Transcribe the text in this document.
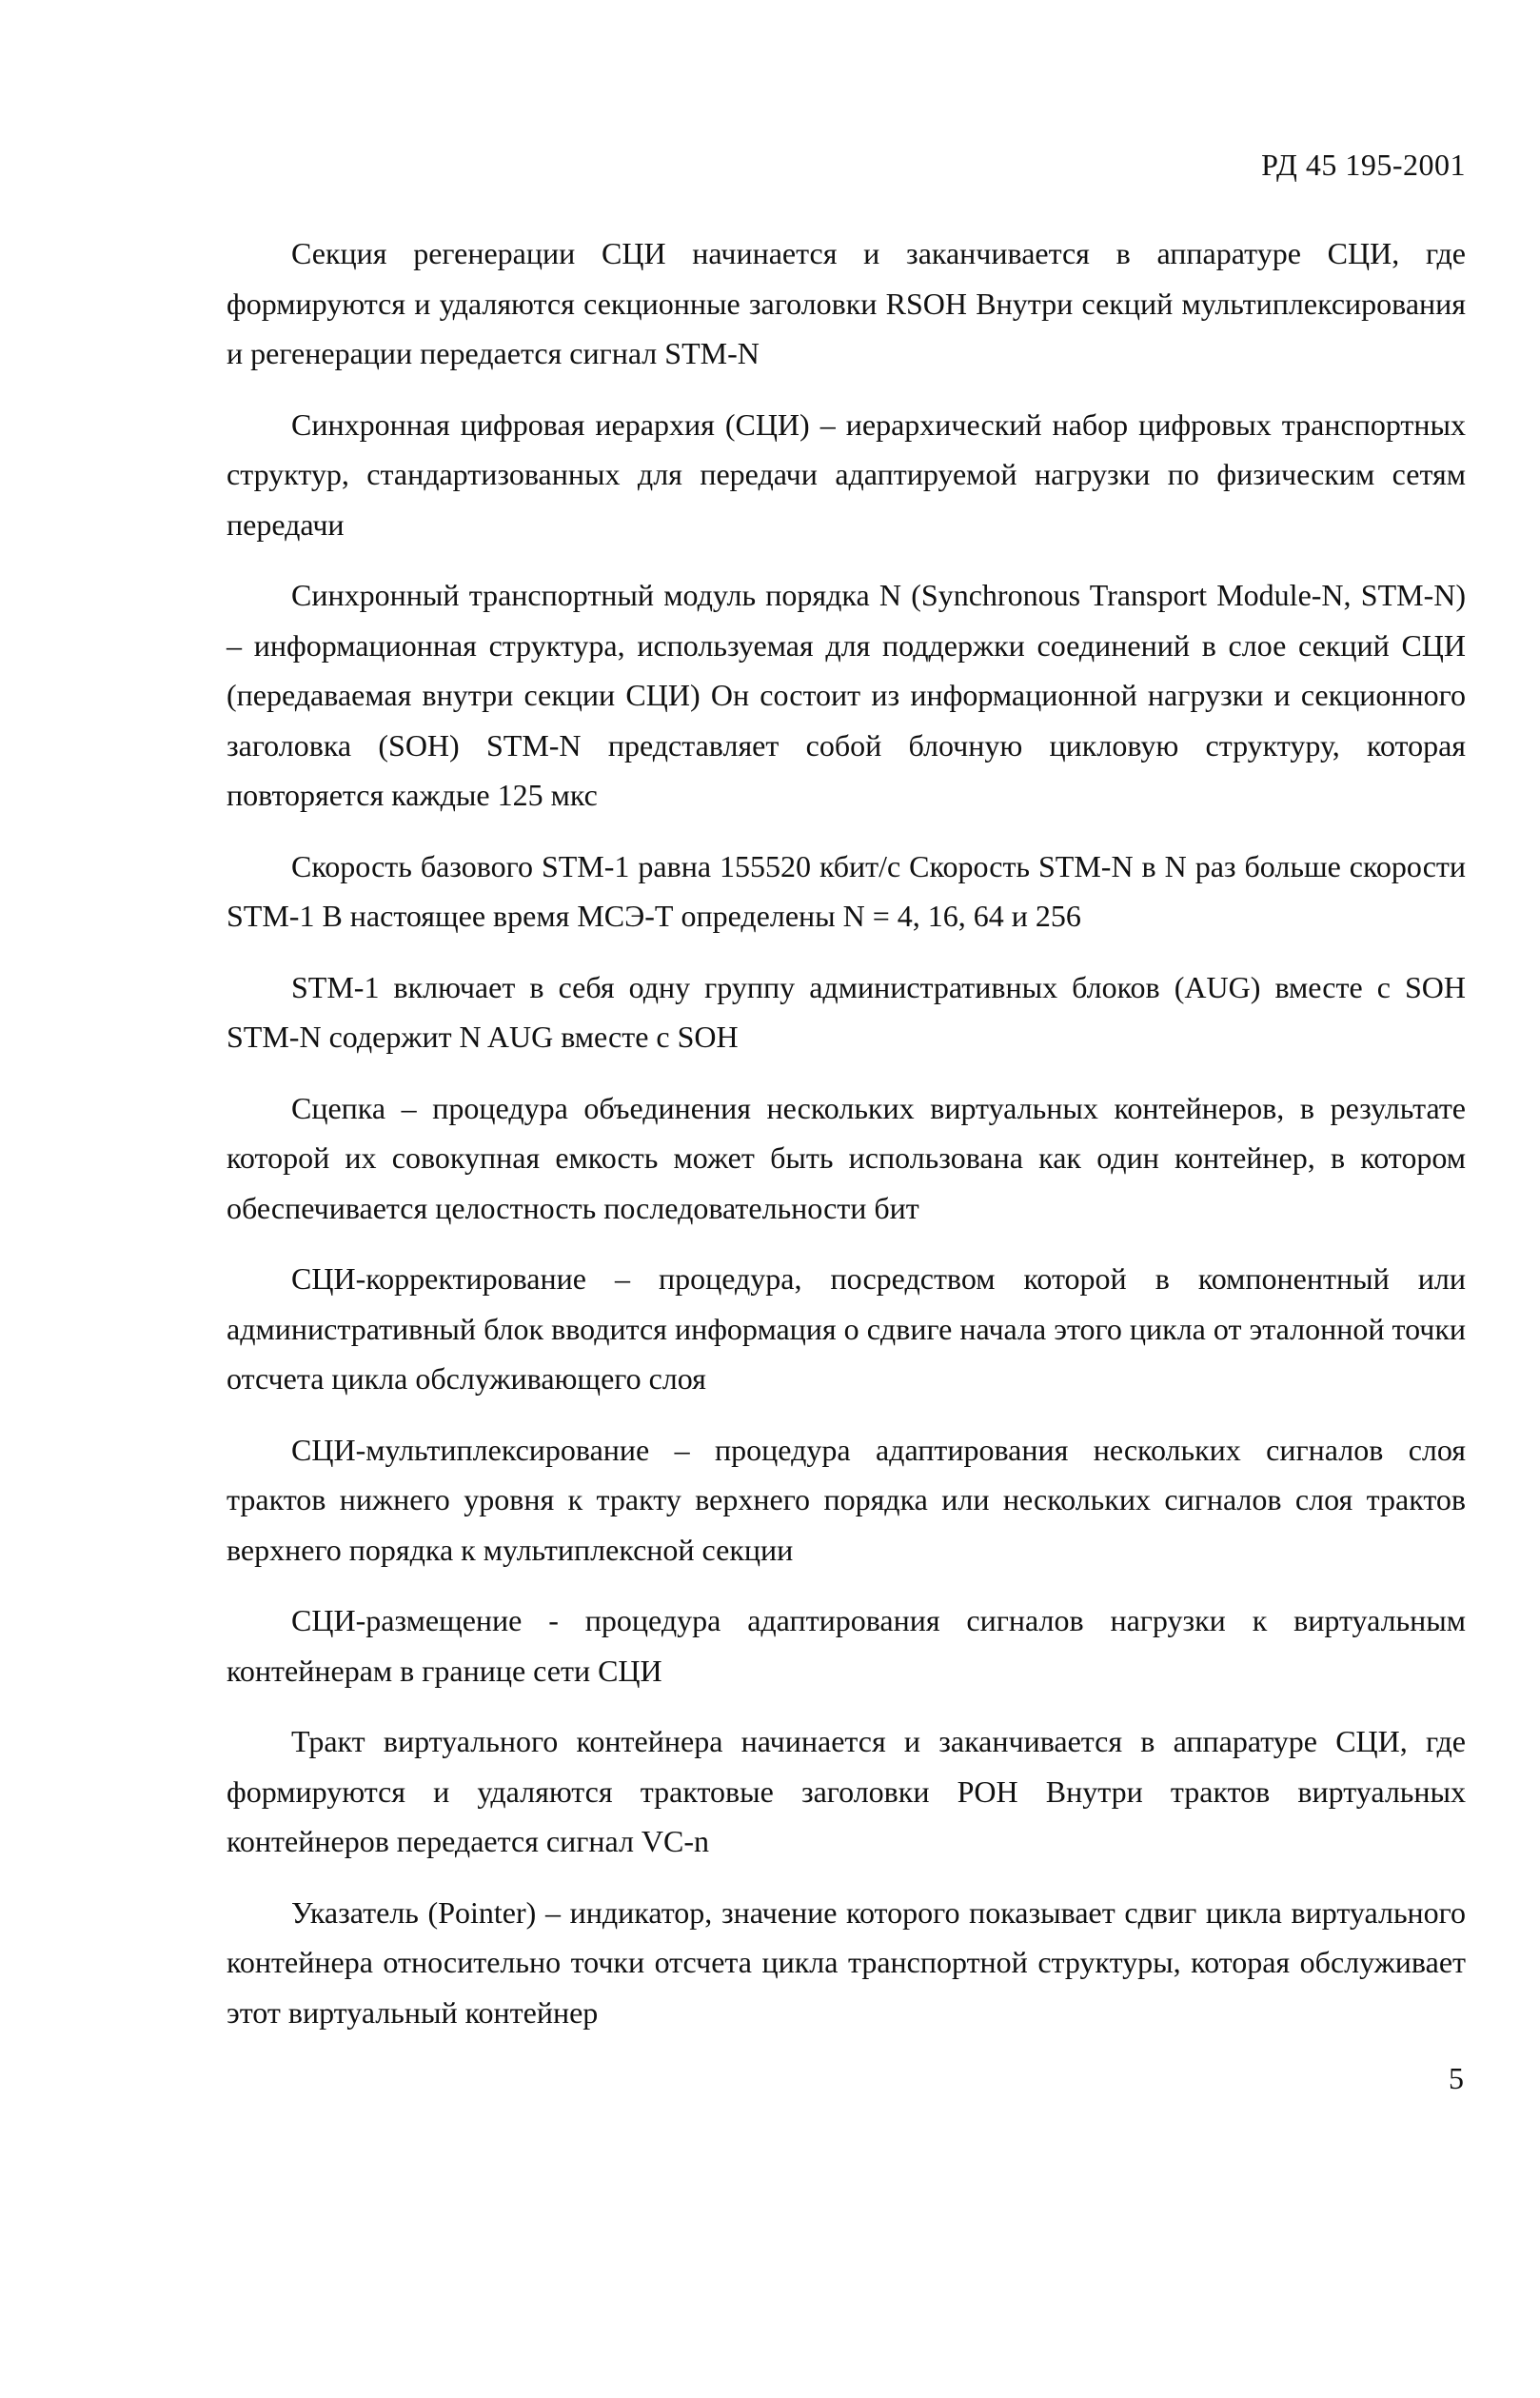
РД 45 195-2001

Секция регенерации СЦИ начинается и заканчивается в аппаратуре СЦИ, где формируются и удаляются секционные заголовки RSOH Внутри секций мультиплексирования и регенерации передается сигнал STM-N

Синхронная цифровая иерархия (СЦИ) – иерархический набор цифровых транспортных структур, стандартизованных для передачи адаптируемой нагрузки по физическим сетям передачи

Синхронный транспортный модуль порядка N (Synchronous Transport Module-N, STM-N) – информационная структура, используемая для поддержки соединений в слое секций СЦИ (передаваемая внутри секции СЦИ) Он состоит из информационной нагрузки и секционного заголовка (SOH) STM-N представляет собой блочную цикловую структуру, которая повторяется каждые 125 мкс

Скорость базового STM-1 равна 155520 кбит/с Скорость STM-N в N раз больше скорости STM-1 В настоящее время МСЭ-Т определены N = 4, 16, 64 и 256

STM-1 включает в себя одну группу административных блоков (AUG) вместе с SOH STM-N содержит N AUG вместе с SOH

Сцепка – процедура объединения нескольких виртуальных контейнеров, в результате которой их совокупная емкость может быть использована как один контейнер, в котором обеспечивается целостность последовательности бит

СЦИ-корректирование – процедура, посредством которой в компонентный или административный блок вводится информация о сдвиге начала этого цикла от эталонной точки отсчета цикла обслуживающего слоя

СЦИ-мультиплексирование – процедура адаптирования нескольких сигналов слоя трактов нижнего уровня к тракту верхнего порядка или нескольких сигналов слоя трактов верхнего порядка к мультиплексной секции

СЦИ-размещение - процедура адаптирования сигналов нагрузки к виртуальным контейнерам в границе сети СЦИ

Тракт виртуального контейнера начинается и заканчивается в аппаратуре СЦИ, где формируются и удаляются трактовые заголовки POH Внутри трактов виртуальных контейнеров передается сигнал VC-n

Указатель (Pointer) – индикатор, значение которого показывает сдвиг цикла виртуального контейнера относительно точки отсчета цикла транспортной структуры, которая обслуживает этот виртуальный контейнер

5
